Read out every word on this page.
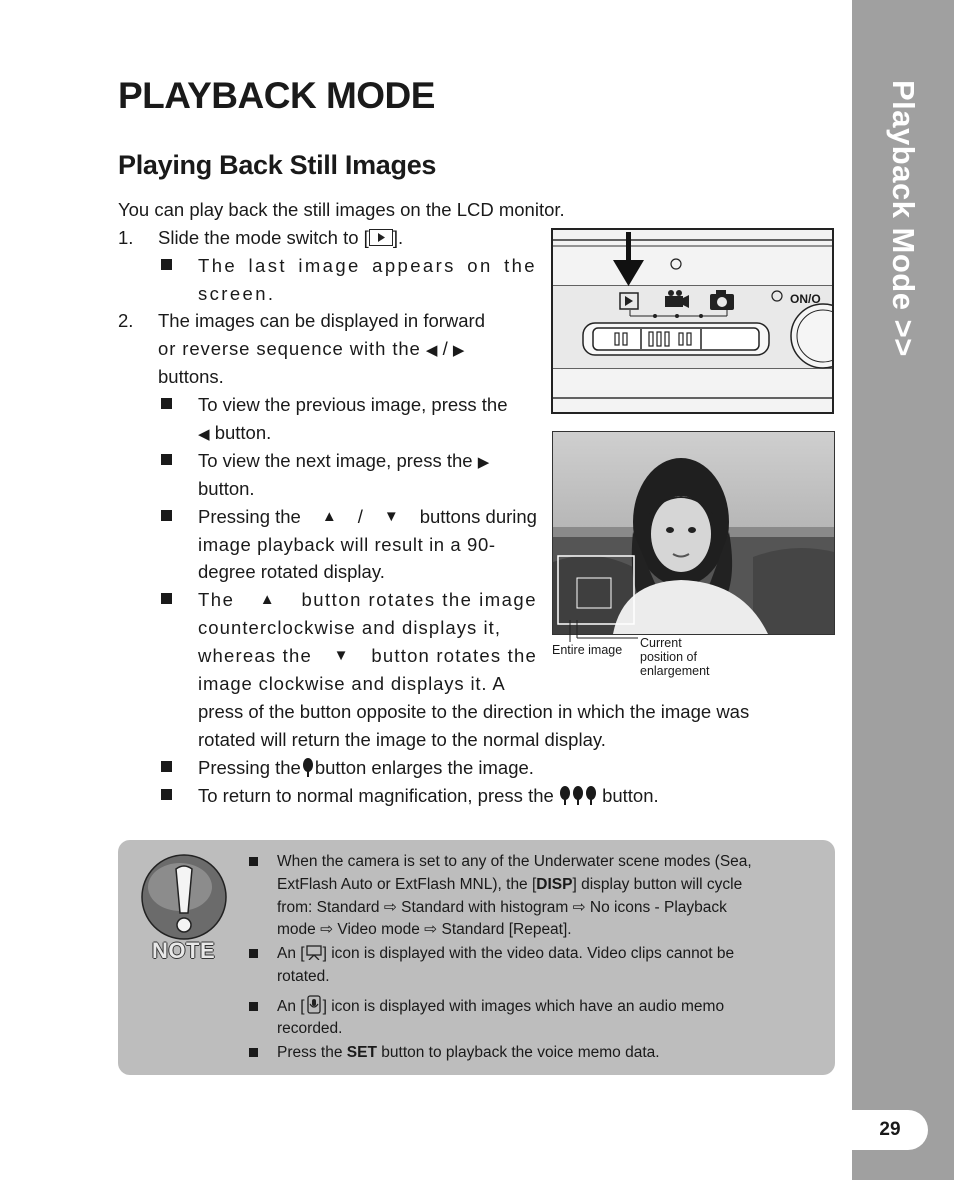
Playback Mode >>
29
PLAYBACK MODE
Playing Back Still Images
You can play back the still images on the LCD monitor.
1. Slide the mode switch to [ ].
The last image appears on the screen.
2. The images can be displayed in forward
or reverse sequence with the ◀ / ▶
buttons.
To view the previous image, press the
◀ button.
To view the next image, press the ▶
button.
Pressing the ▲ / ▼ buttons during
image playback will result in a 90-
degree rotated display.
The ▲ button rotates the image
counterclockwise and displays it,
whereas the ▼ button rotates the
image clockwise and displays it. A
press of the button opposite to the direction in which the image was
rotated will return the image to the normal display.
Pressing the button enlarges the image.
To return to normal magnification, press the	button.
ON/O
Entire image Current
position of
enlargement
NOTE
When the camera is set to any of the Underwater scene modes (Sea,
ExtFlash Auto or ExtFlash MNL), the [DISP] display button will cycle
from: Standard ⇨ Standard with histogram ⇨ No icons - Playback
mode ⇨ Video mode ⇨ Standard [Repeat].
An [ ] icon is displayed with the video data. Video clips cannot be
rotated.
An [ ] icon is displayed with images which have an audio memo
recorded.
Press the SET button to playback the voice memo data.
